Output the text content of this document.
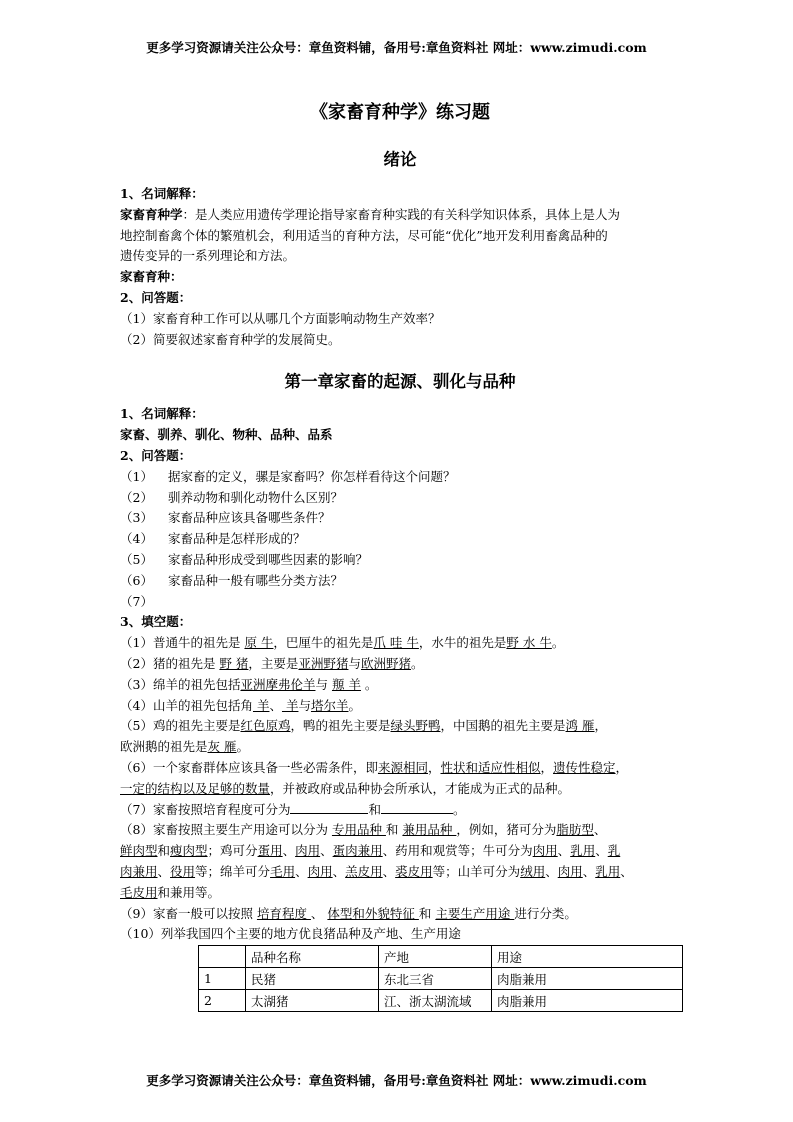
更多学习资源请关注公众号：章鱼资料铺，备用号:章鱼资料社 网址：www.zimudi.com
《家畜育种学》练习题
绪论

1、名词解释：

家畜育种学：是人类应用遗传学理论指导家畜育种实践的有关科学知识体系，具体上是人为

地控制畜禽个体的繁殖机会，利用适当的育种方法，尽可能“优化”地开发利用畜禽品种的

遗传变异的一系列理论和方法。

家畜育种：

2、问答题：

（1）家畜育种工作可以从哪几个方面影响动物生产效率？

（2）简要叙述家畜育种学的发展简史。

第一章家畜的起源、驯化与品种

1、名词解释：

家畜、驯养、驯化、物种、品种、品系

2、问答题：

（1） 据家畜的定义，骡是家畜吗？你怎样看待这个问题？

（2） 驯养动物和驯化动物什么区别？

（3） 家畜品种应该具备哪些条件？

（4） 家畜品种是怎样形成的？

（5） 家畜品种形成受到哪些因素的影响？

（6） 家畜品种一般有哪些分类方法？

（7）

3、填空题：

（1）普通牛的祖先是 原 牛，巴厘牛的祖先是爪 哇 牛，水牛的祖先是野 水 牛。

（2）猪的祖先是 野 猪，主要是亚洲野猪与欧洲野猪。

（3）绵羊的祖先包括亚洲摩弗伦羊与 羱 羊 。

（4）山羊的祖先包括角 羊、 羊与塔尔羊。

（5）鸡的祖先主要是红色原鸡，鸭的祖先主要是绿头野鸭，中国鹅的祖先主要是鸿 雁，

欧洲鹅的祖先是灰 雁。

（6）一个家畜群体应该具备一些必需条件，即来源相同，性状和适应性相似，遗传性稳定，

一定的结构以及足够的数量，并被政府或品种协会所承认，才能成为正式的品种。

（7）家畜按照培育程度可分为	和	。

（8）家畜按照主要生产用途可以分为 专用品种 和 兼用品种 ，例如，猪可分为脂肪型、

鲜肉型和瘦肉型；鸡可分蛋用、肉用、蛋肉兼用、药用和观赏等；牛可分为肉用、乳用、乳

肉兼用、役用等；绵羊可分毛用、肉用、羔皮用、裘皮用等；山羊可分为绒用、肉用、乳用、

毛皮用和兼用等。

（9）家畜一般可以按照 培育程度 、 体型和外貌特征 和 主要生产用途 进行分类。

（10）列举我国四个主要的地方优良猪品种及产地、生产用途

	品种名称	产地	用途
1	民猪	东北三省	肉脂兼用
2	太湖猪	江、浙太湖流域	肉脂兼用
更多学习资源请关注公众号：章鱼资料铺，备用号:章鱼资料社 网址：www.zimudi.com
